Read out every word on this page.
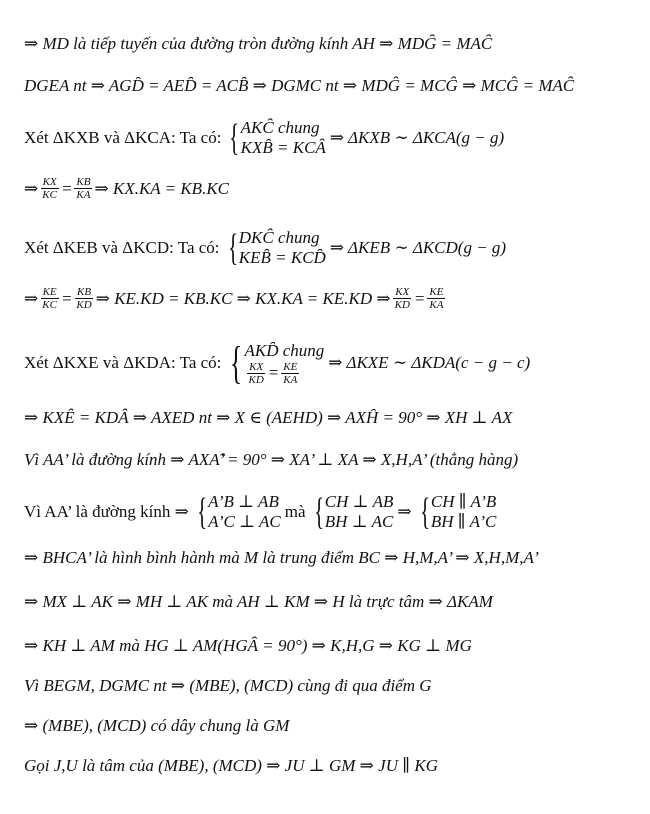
⇒ MD là tiếp tuyến của đường tròn đường kính AH ⇒ MDG̑ = MAC̑
DGEA nt ⇒ AGD̑ = AED̑ = ACB̑ ⇒ DGMC nt ⇒ MDG̑ = MCG̑ ⇒ MCG̑ = MAC̑
Xét ΔKXB và ΔKCA: Ta có: { AKC̑ chung
KXB̑ = KCȂ
⇒ ΔKXB ∼ ΔKCA(g − g)
⇒ $\frac{KX}{KC} = \frac{KB}{KA}$ ⇒ KX.KA = KB.KC
Xét ΔKEB và ΔKCD: Ta có: { DKC̑ chung
KEB̑ = KCD̑
⇒ ΔKEB ∼ ΔKCD(g − g)
⇒ $\frac{KE}{KC} = \frac{KB}{KD}$ ⇒ KE.KD = KB.KC ⇒ KX.KA = KE.KD ⇒ $\frac{KX}{KD} = \frac{KE}{KA}$
Xét ΔKXE và ΔKDA: Ta có: { AKD̑ chung
$\frac{KX}{KD} = \frac{KE}{KA}$ ⇒ ΔKXE ∼ ΔKDA(c − g − c)
⇒ KXȆ = KDȂ ⇒ AXED nt ⇒ X ∈ (AEHD) ⇒ AXH̑ = 90° ⇒ XH ⊥ AX
Vì AA’ là đường kính ⇒ AXA’̑ = 90° ⇒ XA’ ⊥ XA ⇒ X,H,A’ (thẳng hàng)
Vì AA’ là đường kính ⇒ { A’B ⊥ AB
A’C ⊥ AC
mà { CH ⊥ AB
BH ⊥ AC
⇒ { CH ∥ A’B
BH ∥ A’C
⇒ BHCA’ là hình bình hành mà M là trung điểm BC ⇒ H,M,A’ ⇒ X,H,M,A’
⇒ MX ⊥ AK ⇒ MH ⊥ AK mà AH ⊥ KM ⇒ H là trực tâm ⇒ ΔKAM
⇒ KH ⊥ AM mà HG ⊥ AM(HGȂ = 90°) ⇒ K,H,G ⇒ KG ⊥ MG
Vì BEGM, DGMC nt ⇒ (MBE), (MCD) cùng đi qua điểm G
⇒ (MBE), (MCD) có dây chung là GM
Gọi J,U là tâm của (MBE), (MCD) ⇒ JU ⊥ GM ⇒ JU ∥ KG
